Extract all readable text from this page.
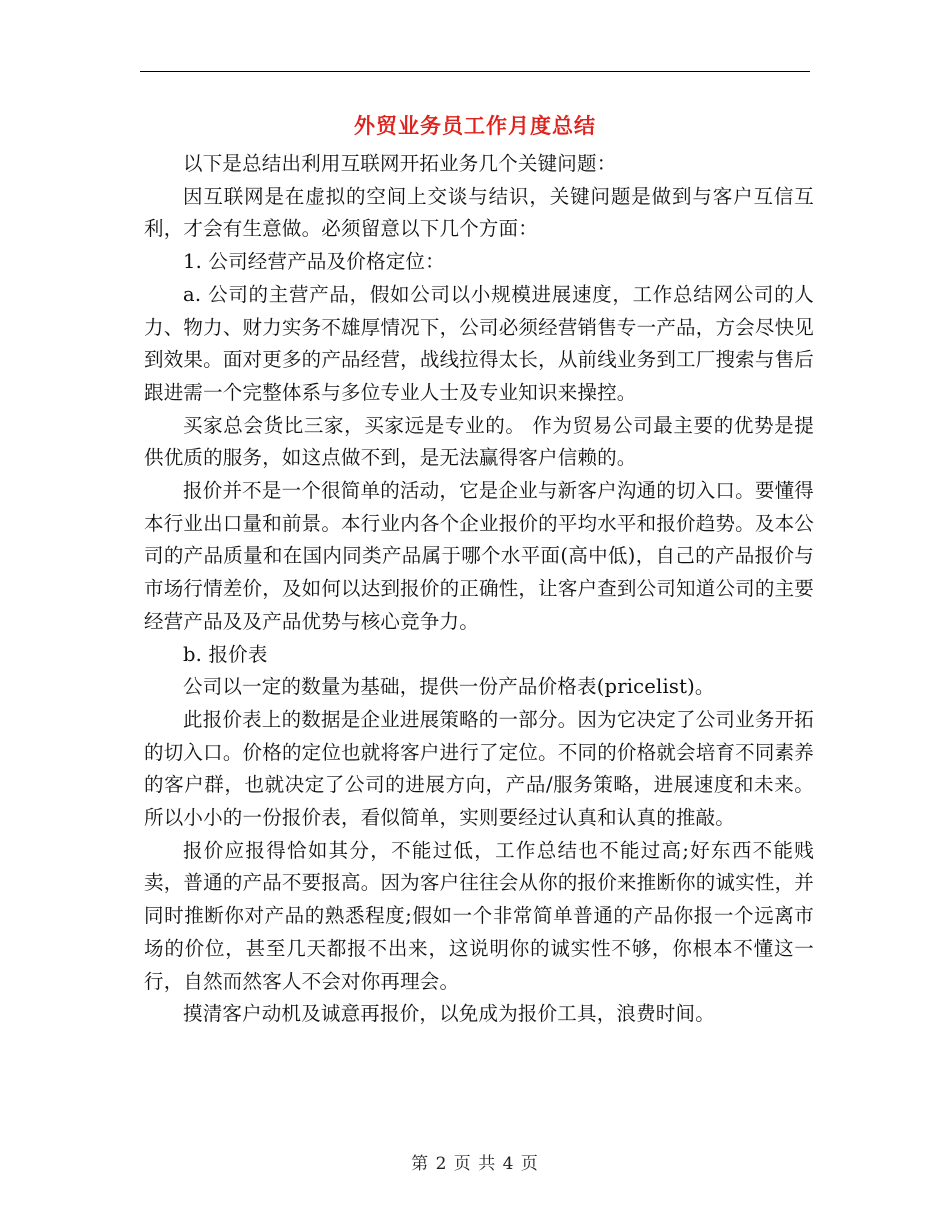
外贸业务员工作月度总结

以下是总结出利用互联网开拓业务几个关键问题：

因互联网是在虚拟的空间上交谈与结识，关键问题是做到与客户互信互利，才会有生意做。必须留意以下几个方面：

1. 公司经营产品及价格定位：

a. 公司的主营产品，假如公司以小规模进展速度，工作总结网公司的人力、物力、财力实务不雄厚情况下，公司必须经营销售专一产品，方会尽快见到效果。面对更多的产品经营，战线拉得太长，从前线业务到工厂搜索与售后跟进需一个完整体系与多位专业人士及专业知识来操控。

买家总会货比三家，买家远是专业的。 作为贸易公司最主要的优势是提供优质的服务，如这点做不到，是无法赢得客户信赖的。

报价并不是一个很简单的活动，它是企业与新客户沟通的切入口。要懂得本行业出口量和前景。本行业内各个企业报价的平均水平和报价趋势。及本公司的产品质量和在国内同类产品属于哪个水平面(高中低)，自己的产品报价与市场行情差价，及如何以达到报价的正确性，让客户查到公司知道公司的主要经营产品及及产品优势与核心竞争力。

b. 报价表

公司以一定的数量为基础，提供一份产品价格表(pricelist)。

此报价表上的数据是企业进展策略的一部分。因为它决定了公司业务开拓的切入口。价格的定位也就将客户进行了定位。不同的价格就会培育不同素养的客户群，也就决定了公司的进展方向，产品/服务策略，进展速度和未来。所以小小的一份报价表，看似简单，实则要经过认真和认真的推敲。

报价应报得恰如其分，不能过低，工作总结也不能过高;好东西不能贱卖，普通的产品不要报高。因为客户往往会从你的报价来推断你的诚实性，并同时推断你对产品的熟悉程度;假如一个非常简单普通的产品你报一个远离市场的价位，甚至几天都报不出来，这说明你的诚实性不够，你根本不懂这一行，自然而然客人不会对你再理会。

摸清客户动机及诚意再报价，以免成为报价工具，浪费时间。

第 2 页 共 4 页
